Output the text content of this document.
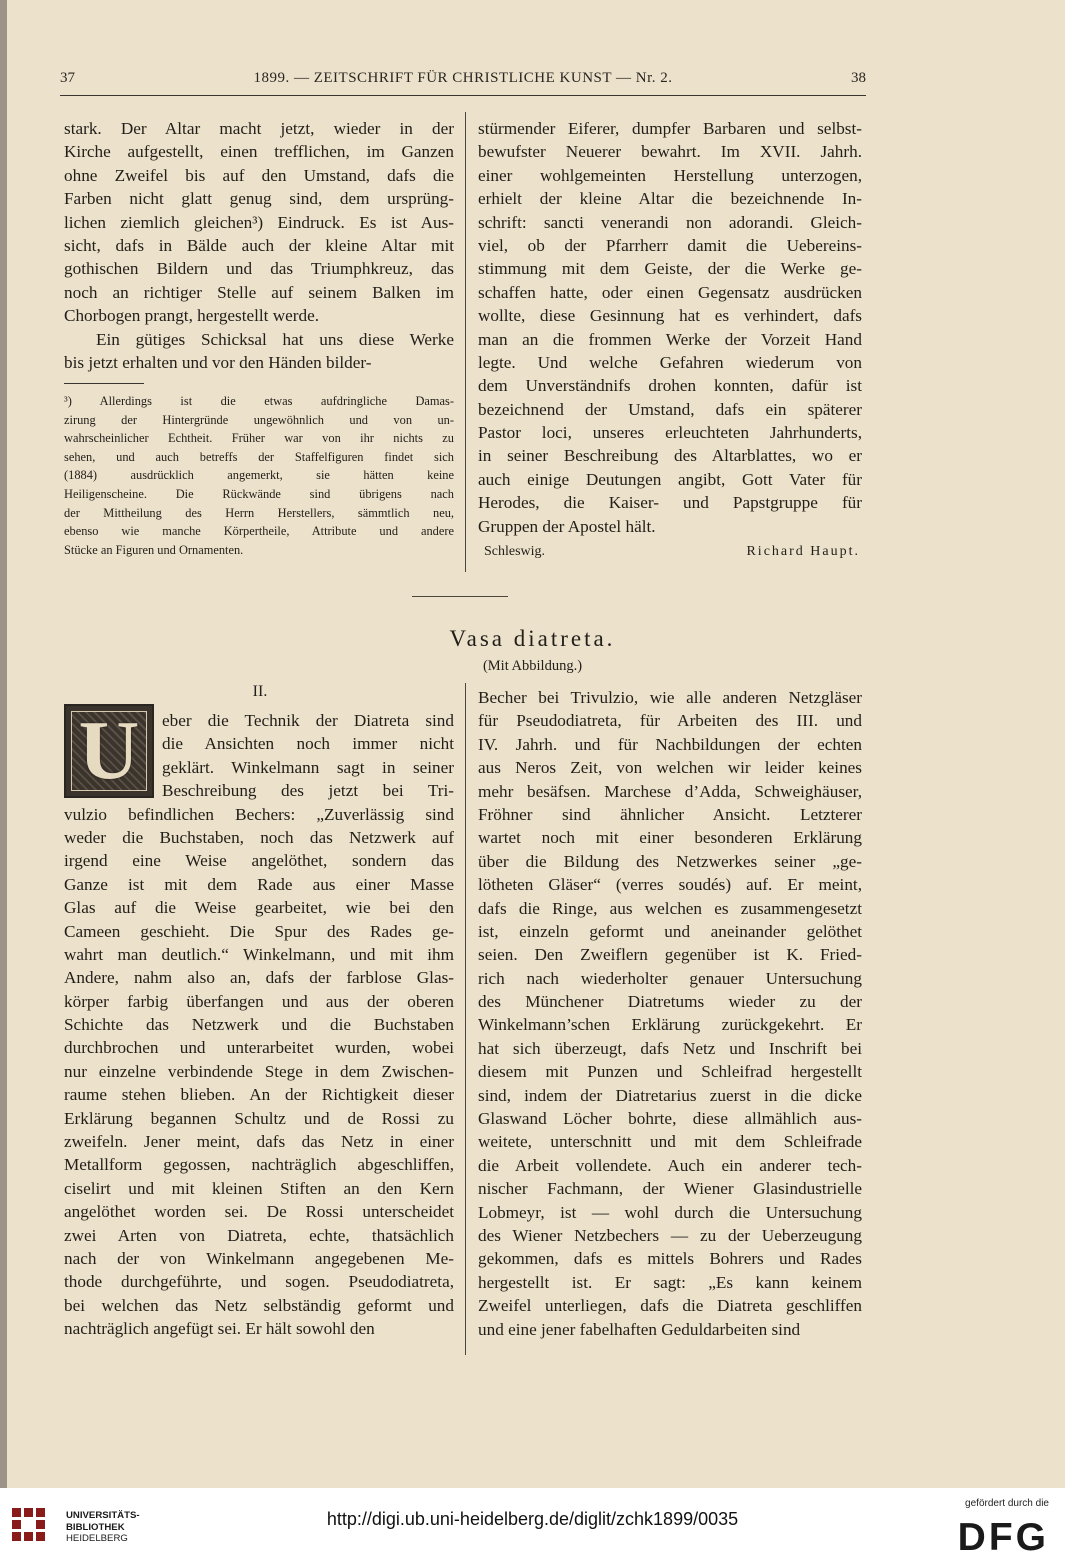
37	1899. — ZEITSCHRIFT FÜR CHRISTLICHE KUNST — Nr. 2.	38
stark. Der Altar macht jetzt, wieder in der
Kirche aufgestellt, einen trefflichen, im Ganzen
ohne Zweifel bis auf den Umstand, dafs die
Farben nicht glatt genug sind, dem ursprüng-
lichen ziemlich gleichen³) Eindruck. Es ist Aus-
sicht, dafs in Bälde auch der kleine Altar mit
gothischen Bildern und das Triumphkreuz, das
noch an richtiger Stelle auf seinem Balken im
Chorbogen prangt, hergestellt werde.
Ein gütiges Schicksal hat uns diese Werke
bis jetzt erhalten und vor den Händen bilder-
stürmender Eiferer, dumpfer Barbaren und selbst-
bewufster Neuerer bewahrt. Im XVII. Jahrh.
einer wohlgemeinten Herstellung unterzogen,
erhielt der kleine Altar die bezeichnende In-
schrift: sancti venerandi non adorandi. Gleich-
viel, ob der Pfarrherr damit die Uebereins-
stimmung mit dem Geiste, der die Werke ge-
schaffen hatte, oder einen Gegensatz ausdrücken
wollte, diese Gesinnung hat es verhindert, dafs
man an die frommen Werke der Vorzeit Hand
legte. Und welche Gefahren wiederum von
dem Unverständnifs drohen konnten, dafür ist
bezeichnend der Umstand, dafs ein späterer
Pastor loci, unseres erleuchteten Jahrhunderts,
in seiner Beschreibung des Altarblattes, wo er
auch einige Deutungen angibt, Gott Vater für
Herodes, die Kaiser- und Papstgruppe für
Gruppen der Apostel hält.
³) Allerdings ist die etwas aufdringliche Damas-
zirung der Hintergründe ungewöhnlich und von un-
wahrscheinlicher Echtheit. Früher war von ihr nichts zu
sehen, und auch betreffs der Staffelfiguren findet sich
(1884) ausdrücklich angemerkt, sie hätten keine
Heiligenscheine. Die Rückwände sind übrigens nach
der Mittheilung des Herrn Herstellers, sämmtlich neu,
ebenso wie manche Körpertheile, Attribute und andere
Stücke an Figuren und Ornamenten.	Schleswig.	Richard Haupt.
Vasa diatreta.
(Mit Abbildung.)
II.
U	eber die Technik der Diatreta sind
die Ansichten noch immer nicht
geklärt. Winkelmann sagt in seiner
Beschreibung des jetzt bei Tri-
vulzio befindlichen Bechers: „Zuverlässig sind
weder die Buchstaben, noch das Netzwerk auf
irgend eine Weise angelöthet, sondern das
Ganze ist mit dem Rade aus einer Masse
Glas auf die Weise gearbeitet, wie bei den
Cameen geschieht. Die Spur des Rades ge-
wahrt man deutlich.“ Winkelmann, und mit ihm
Andere, nahm also an, dafs der farblose Glas-
körper farbig überfangen und aus der oberen
Schichte das Netzwerk und die Buchstaben
durchbrochen und unterarbeitet wurden, wobei
nur einzelne verbindende Stege in dem Zwischen-
raume stehen blieben. An der Richtigkeit dieser
Erklärung begannen Schultz und de Rossi zu
zweifeln. Jener meint, dafs das Netz in einer
Metallform gegossen, nachträglich abgeschliffen,
ciselirt und mit kleinen Stiften an den Kern
angelöthet worden sei. De Rossi unterscheidet
zwei Arten von Diatreta, echte, thatsächlich
nach der von Winkelmann angegebenen Me-
thode durchgeführte, und sogen. Pseudodiatreta,
bei welchen das Netz selbständig geformt und
nachträglich angefügt sei. Er hält sowohl den
Becher bei Trivulzio, wie alle anderen Netzgläser
für Pseudodiatreta, für Arbeiten des III. und
IV. Jahrh. und für Nachbildungen der echten
aus Neros Zeit, von welchen wir leider keines
mehr besäfsen. Marchese d’Adda, Schweighäuser,
Fröhner sind ähnlicher Ansicht. Letzterer
wartet noch mit einer besonderen Erklärung
über die Bildung des Netzwerkes seiner „ge-
lötheten Gläser“ (verres soudés) auf. Er meint,
dafs die Ringe, aus welchen es zusammengesetzt
ist, einzeln geformt und aneinander gelöthet
seien. Den Zweiflern gegenüber ist K. Fried-
rich nach wiederholter genauer Untersuchung
des Münchener Diatretums wieder zu der
Winkelmann’schen Erklärung zurückgekehrt. Er
hat sich überzeugt, dafs Netz und Inschrift bei
diesem mit Punzen und Schleifrad hergestellt
sind, indem der Diatretarius zuerst in die dicke
Glaswand Löcher bohrte, diese allmählich aus-
weitete, unterschnitt und mit dem Schleifrade
die Arbeit vollendete. Auch ein anderer tech-
nischer Fachmann, der Wiener Glasindustrielle
Lobmeyr, ist — wohl durch die Untersuchung
des Wiener Netzbechers — zu der Ueberzeugung
gekommen, dafs es mittels Bohrers und Rades
hergestellt ist. Er sagt: „Es kann keinem
Zweifel unterliegen, dafs die Diatreta geschliffen
und eine jener fabelhaften Geduldarbeiten sind
UNIVERSITÄTS-
BIBLIOTHEK
HEIDELBERG
http://digi.ub.uni-heidelberg.de/diglit/zchk1899/0035
gefördert durch die
DFG
